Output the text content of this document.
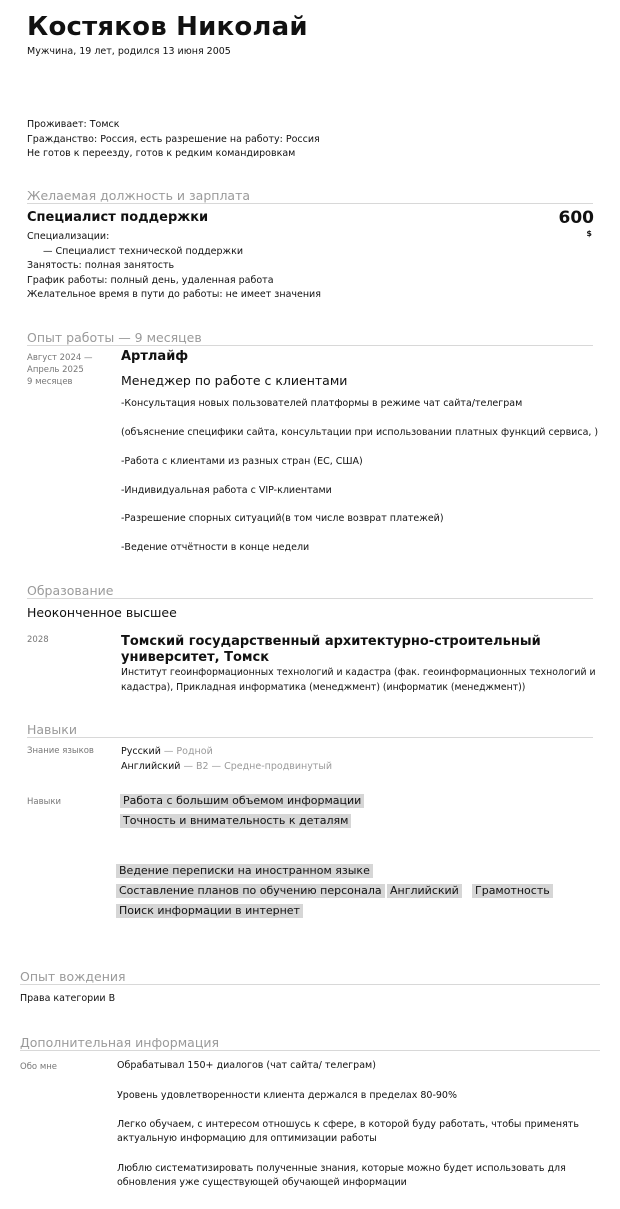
Костяков Николай
Мужчина, 19 лет, родился 13 июня 2005
Проживает: Томск
Гражданство: Россия, есть разрешение на работу: Россия
Не готов к переезду, готов к редким командировкам
Желаемая должность и зарплата
Специалист поддержки	600
$
Специализации:
— Специалист технической поддержки
Занятость: полная занятость
График работы: полный день, удаленная работа
Желательное время в пути до работы: не имеет значения
Опыт работы — 9 месяцев
Август 2024 —
Апрель 2025
9 месяцев
Артлайф
Менеджер по работе с клиентами
-Консультация новых пользователей платформы в режиме чат сайта/телеграм
(объяснение специфики сайта, консультации при использовании платных функций сервиса, )
-Работа с клиентами из разных стран (ЕС, США)
-Индивидуальная работа с VIP-клиентами
-Разрешение спорных ситуаций(в том числе возврат платежей)
-Ведение отчётности в конце недели
Образование
Неоконченное высшее
2028	Томский государственный архитектурно-строительный
университет, Томск
Институт геоинформационных технологий и кадастра (фак. геоинформационных технологий и
кадастра), Прикладная информатика (менеджмент) (информатик (менеджмент))
Навыки
Знание языков	Русский — Родной
Английский — B2 — Средне-продвинутый
Навыки	Работа с большим объемом информации
Точность и внимательность к деталям
Ведение переписки на иностранном языке
Составление планов по обучению персонала Английский Грамотность
Поиск информации в интернет
Опыт вождения
Права категории B
Дополнительная информация
Обо мне	Обрабатывал 150+ диалогов (чат сайта/ телеграм)
Уровень удовлетворенноcти клиента держался в пределах 80-90%
Легко обучаем, с интересом отношусь к сфере, в которой буду работать, чтобы применять
актуальную информацию для оптимизации работы
Люблю систематизировать полученные знания, которые можно будет использовать для
обновления уже существующей обучающей информации
